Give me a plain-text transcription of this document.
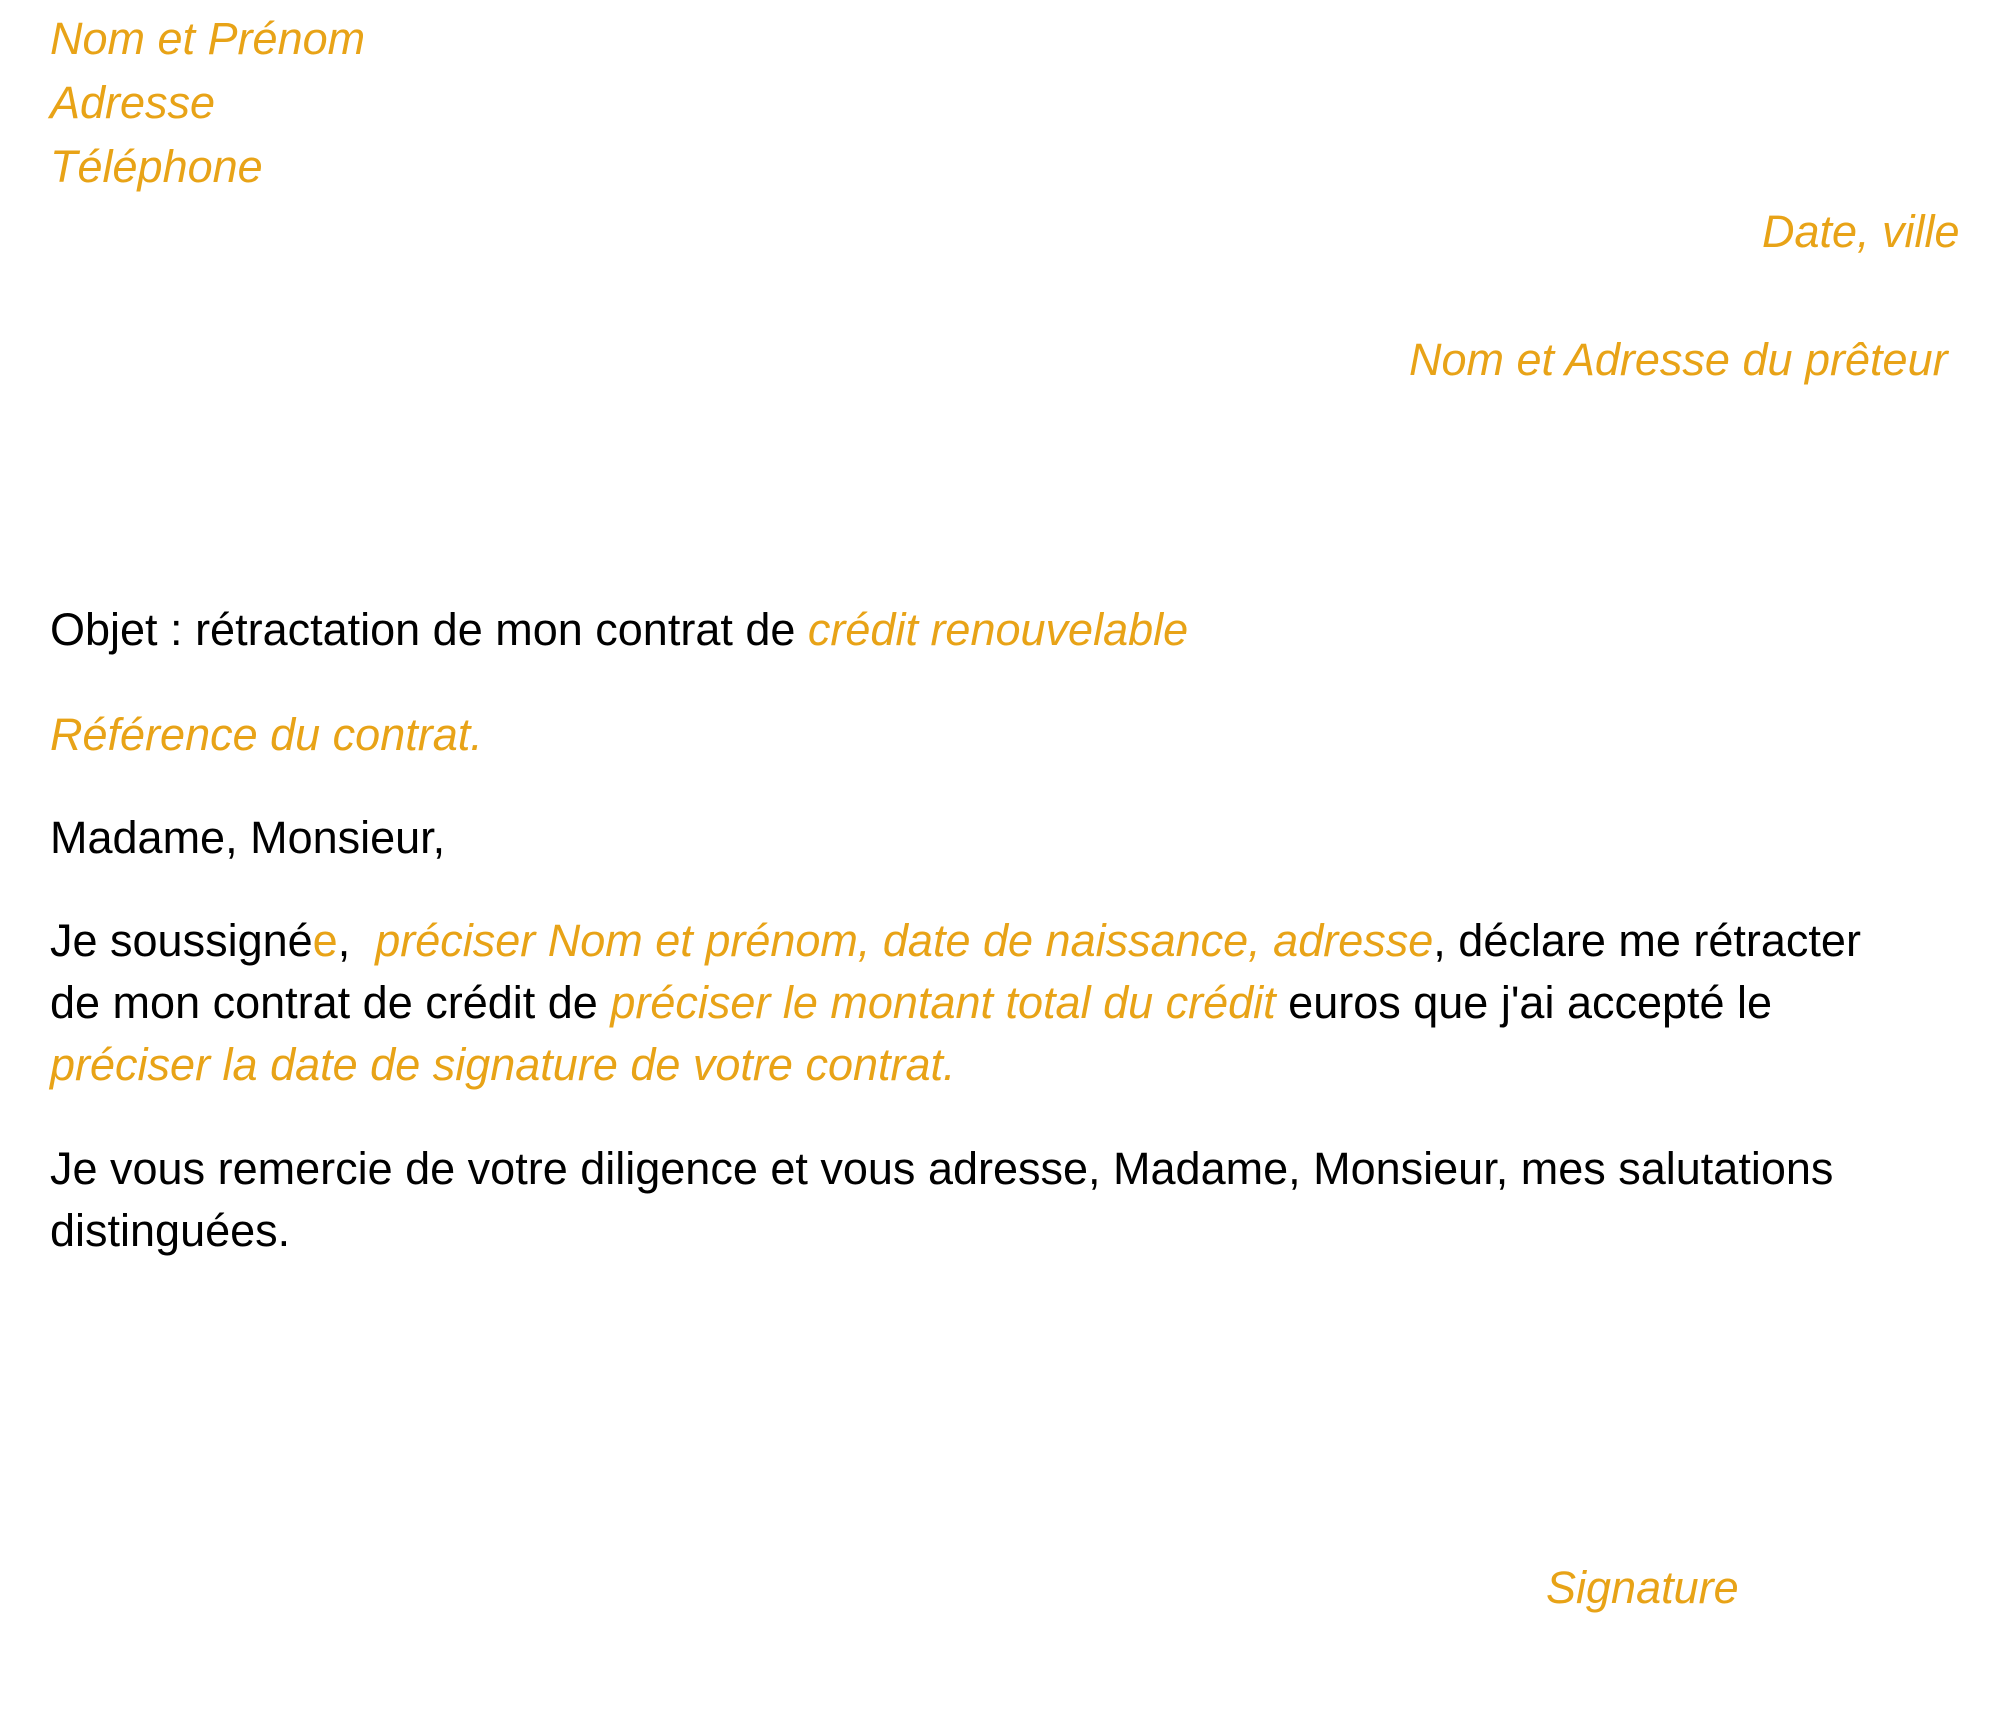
Nom et Prénom
Adresse
Téléphone
Date, ville
Nom et Adresse du prêteur
Objet : rétractation de mon contrat de crédit renouvelable
Référence du contrat.
Madame, Monsieur,
Je soussignée,  préciser Nom et prénom, date de naissance, adresse, déclare me rétracter
de mon contrat de crédit de préciser le montant total du crédit euros que j'ai accepté le
préciser la date de signature de votre contrat.
Je vous remercie de votre diligence et vous adresse, Madame, Monsieur, mes salutations
distinguées.
Signature
